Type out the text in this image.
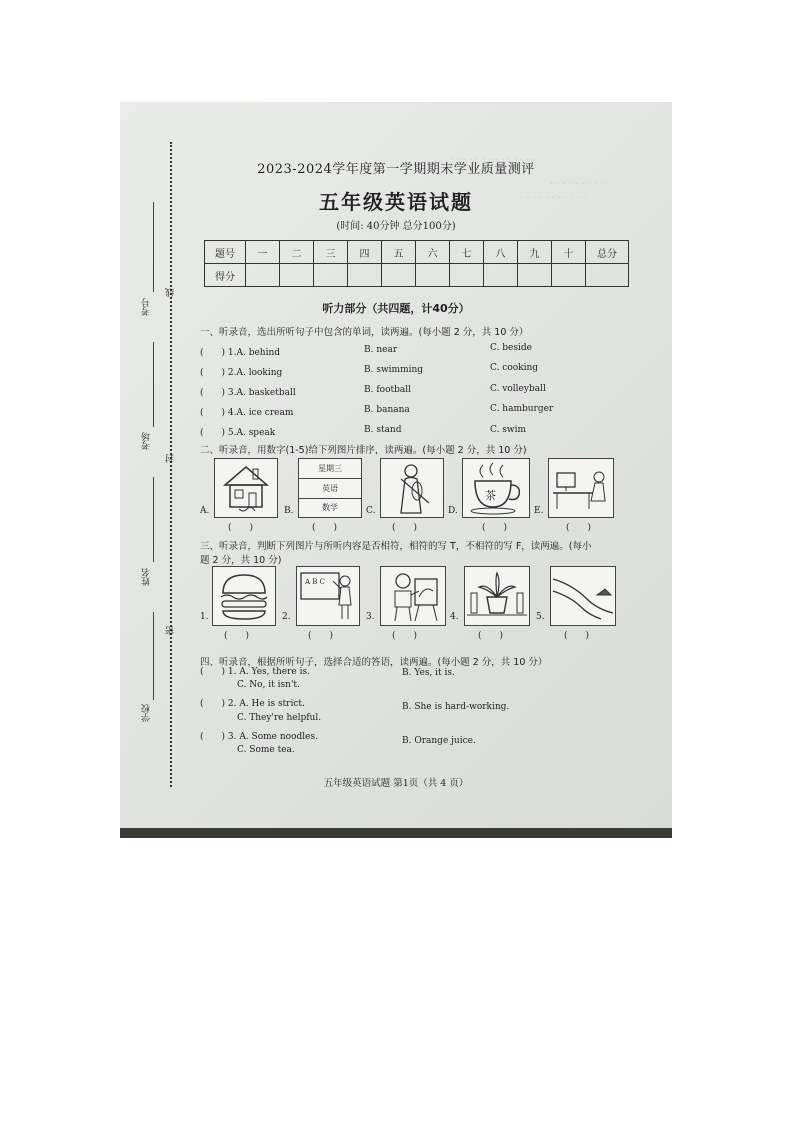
. . . . . . . . . . . . . .
. . . . . . . . .
. . . . . . . . . . .
考号
考场
姓名
学校
线
封
密
2023-2024学年度第一学期期末学业质量测评
五年级英语试题
(时间: 40分钟 总分100分)
题号	一	二	三	四	五	六	七	八	九	十	总分
得分											
听力部分（共四题，计40分）
一、听录音，选出所听句子中包含的单词，读两遍。(每小题 2 分，共 10 分）
(　　) 1.A. behind	B. near	C. beside
(　　) 2.A. looking	B. swimming	C. cooking
(　　) 3.A. basketball	B. football	C. volleyball
(　　) 4.A. ice cream	B. banana	C. hamburger
(　　) 5.A. speak	B. stand	C. swim
二、听录音，用数字(1-5)给下列图片排序，读两遍。(每小题 2 分，共 10 分)
A.
(　　)
B.
星期三
英语
数学
(　　)
C.
(　　)
D.
茶
(　　)
E.
(　　)
三、听录音，判断下列图片与所听内容是否相符，相符的写 T，不相符的写 F，读两遍。(每小
题 2 分，共 10 分)
1.
(　　)
2.
A B C
(　　)
3.
(　　)
4.
(　　)
5.
(　　)
四、听录音，根据所听句子，选择合适的答语，读两遍。(每小题 2 分，共 10 分）
(　　) 1. A. Yes, there is.	B. Yes, it is.
C. No, it isn't.
(　　) 2. A. He is strict.	B. She is hard-working.
C. They're helpful.
(　　) 3. A. Some noodles.	B. Orange juice.
C. Some tea.
五年级英语试题 第1页（共 4 页）
